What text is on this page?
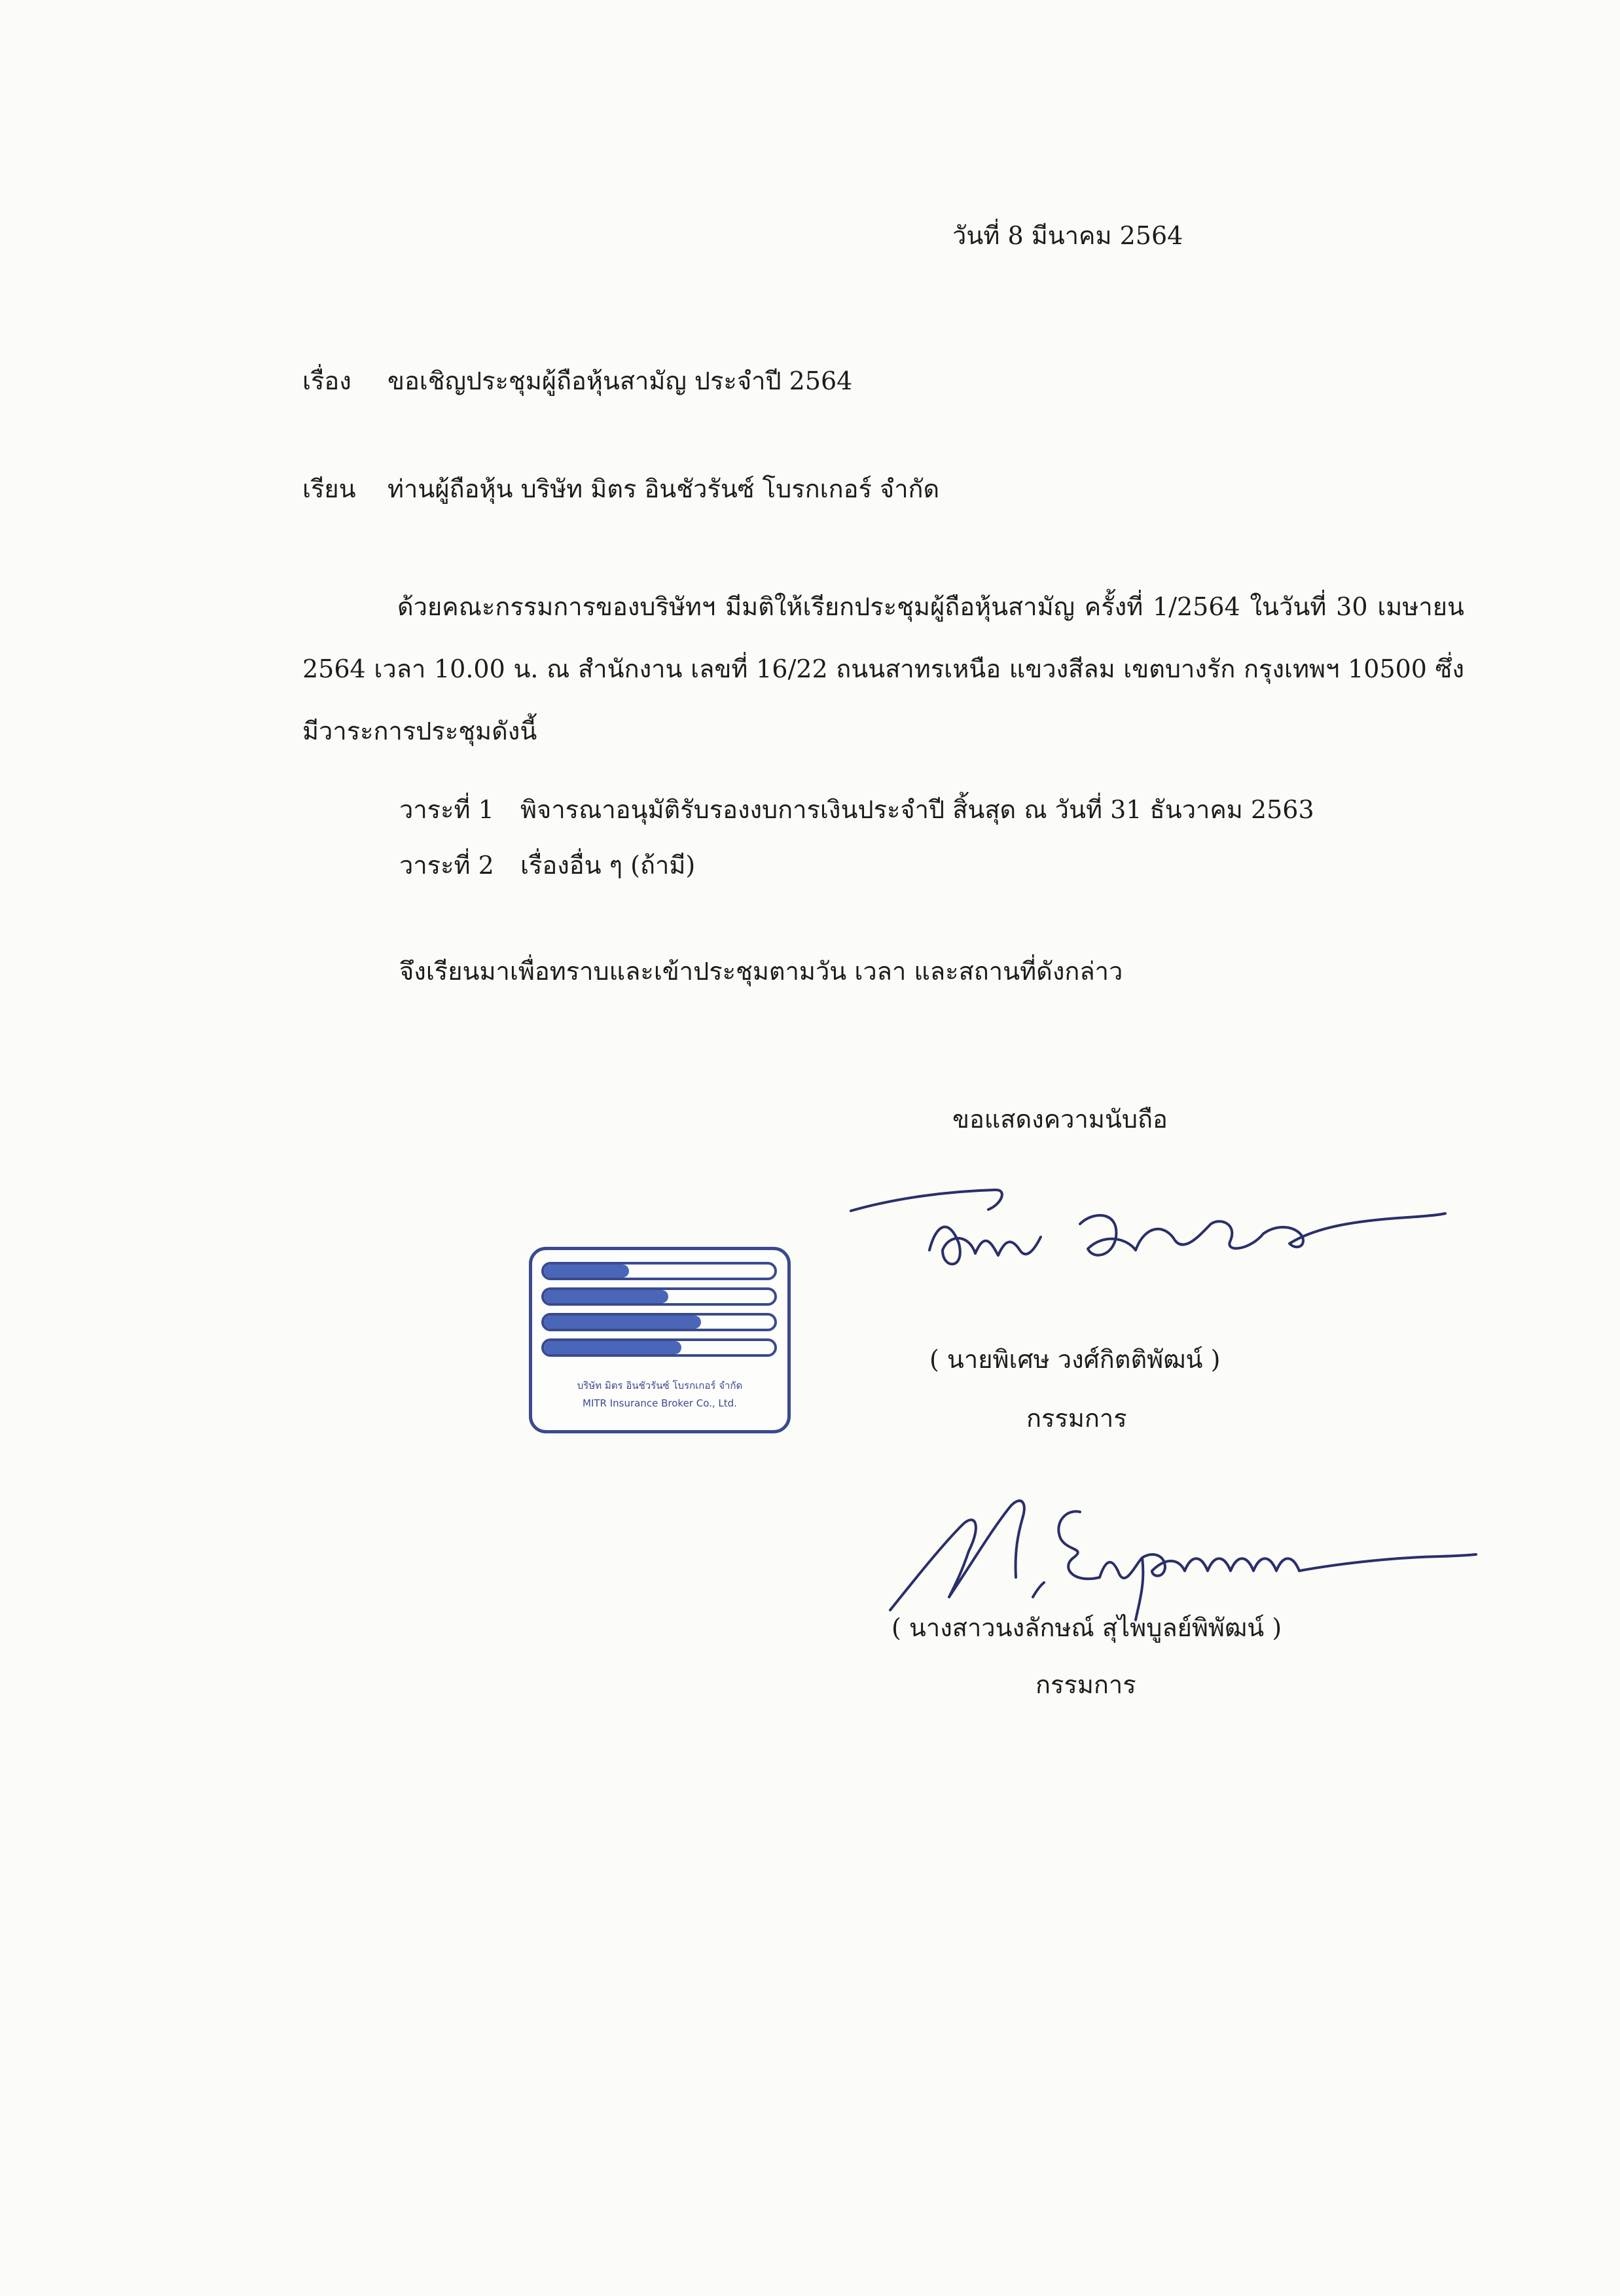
วันที่ 8 มีนาคม 2564
เรื่อง ขอเชิญประชุมผู้ถือหุ้นสามัญ ประจำปี 2564
เรียน ท่านผู้ถือหุ้น บริษัท มิตร อินชัวรันซ์ โบรกเกอร์ จำกัด
ด้วยคณะกรรมการของบริษัทฯ มีมติให้เรียกประชุมผู้ถือหุ้นสามัญ ครั้งที่ 1/2564 ในวันที่ 30 เมษายน 2564 เวลา 10.00 น. ณ สำนักงาน เลขที่ 16/22 ถนนสาทรเหนือ แขวงสีลม เขตบางรัก กรุงเทพฯ 10500 ซึ่งมีวาระการประชุมดังนี้
วาระที่ 1 พิจารณาอนุมัติรับรองงบการเงินประจำปี สิ้นสุด ณ วันที่ 31 ธันวาคม 2563
วาระที่ 2 เรื่องอื่น ๆ (ถ้ามี)
จึงเรียนมาเพื่อทราบและเข้าประชุมตามวัน เวลา และสถานที่ดังกล่าว
ขอแสดงความนับถือ
บริษัท มิตร อินชัวรันซ์ โบรกเกอร์ จำกัด
MITR Insurance Broker Co., Ltd.
( นายพิเศษ วงศ์กิตติพัฒน์ )
กรรมการ
( นางสาวนงลักษณ์ สุไพบูลย์พิพัฒน์ )
กรรมการ
